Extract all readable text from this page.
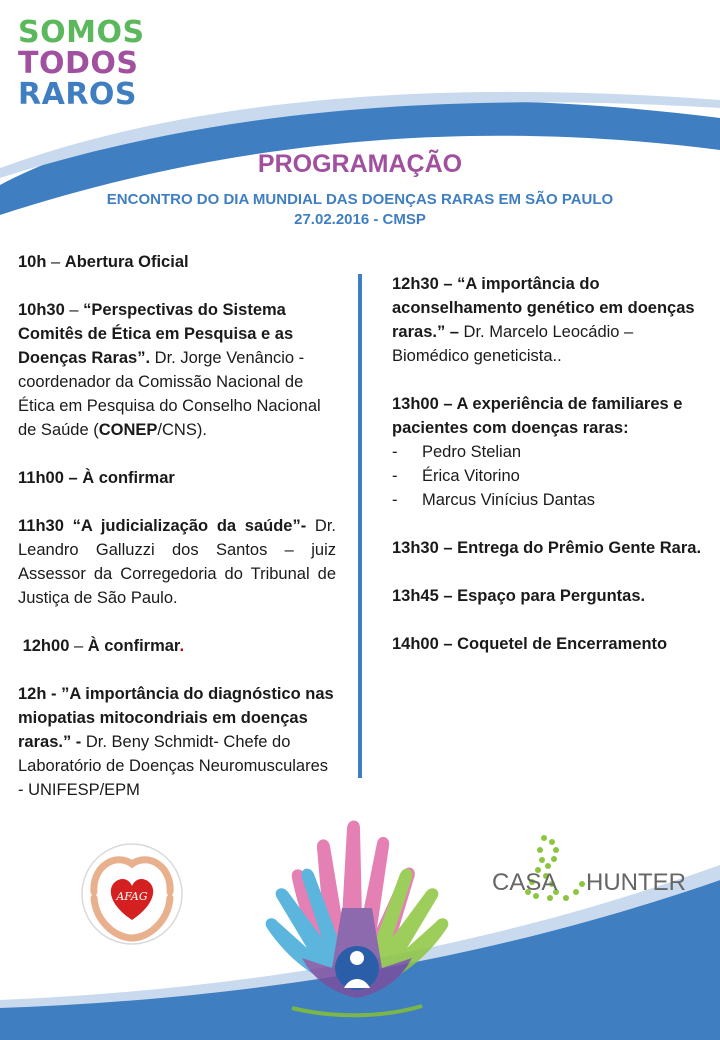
SOMOS
TODOS
RAROS
PROGRAMAÇÃO
ENCONTRO DO DIA MUNDIAL DAS DOENÇAS RARAS EM SÃO PAULO
27.02.2016 - CMSP
10h – Abertura Oficial
10h30 – “Perspectivas do Sistema Comitês de Ética em Pesquisa e as Doenças Raras”. Dr. Jorge Venâncio - coordenador da Comissão Nacional de Ética em Pesquisa do Conselho Nacional de Saúde (CONEP/CNS).
11h00 – À confirmar
11h30 “A judicialização da saúde”- Dr. Leandro Galluzzi dos Santos – juiz Assessor da Corregedoria do Tribunal de Justiça de São Paulo.
12h00 – À confirmar.
12h - ”A importância do diagnóstico nas miopatias mitocondriais em doenças raras.” - Dr. Beny Schmidt- Chefe do Laboratório de Doenças Neuromusculares - UNIFESP/EPM
12h30 – “A importância do aconselhamento genético em doenças raras.” – Dr. Marcelo Leocádio – Biomédico geneticista..
13h00 – A experiência de familiares e pacientes com doenças raras:
-	Pedro Stelian
-	Érica Vitorino
-	Marcus Vinícius Dantas
13h30 – Entrega do Prêmio Gente Rara.
13h45 – Espaço para Perguntas.
14h00 – Coquetel de Encerramento
AFAG
CASA HUNTER
